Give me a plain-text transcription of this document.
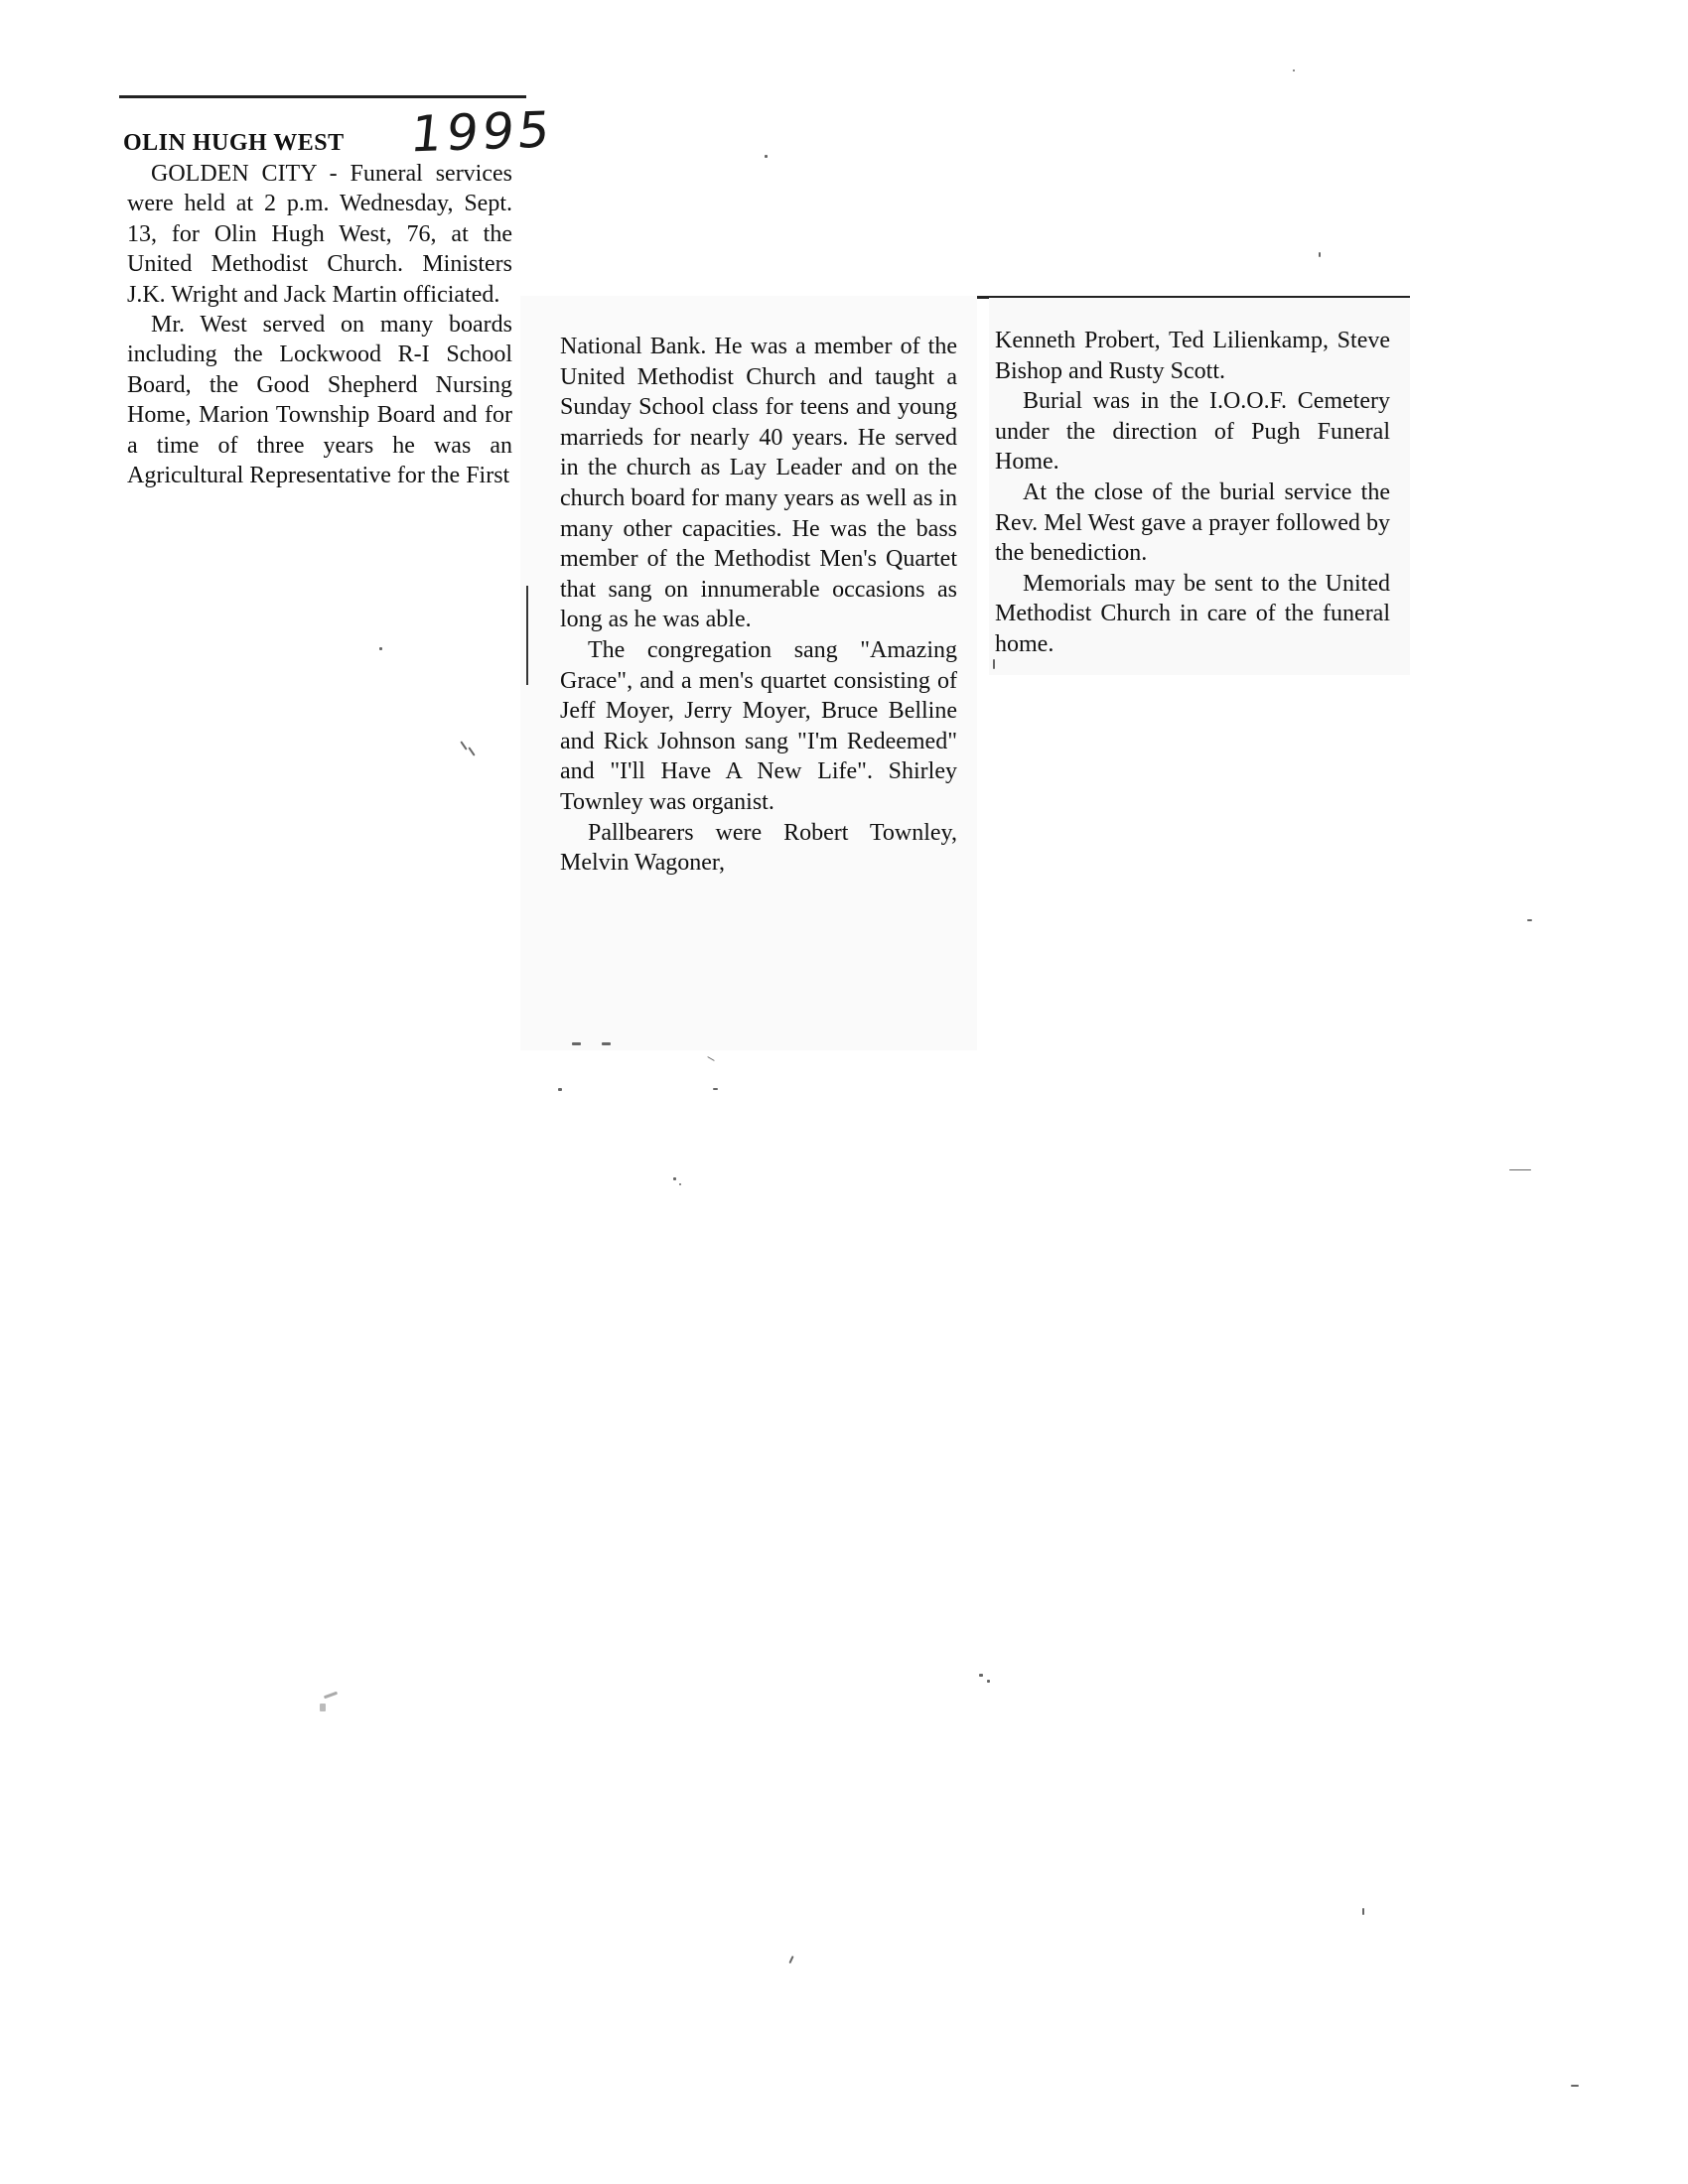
OLIN HUGH WEST 1995

GOLDEN CITY - Funeral services were held at 2 p.m. Wednesday, Sept. 13, for Olin Hugh West, 76, at the United Methodist Church. Ministers J.K. Wright and Jack Martin officiated.

Mr. West served on many boards including the Lockwood R-I School Board, the Good Shepherd Nursing Home, Marion Township Board and for a time of three years he was an Agricultural Representative for the First

National Bank. He was a member of the United Methodist Church and taught a Sunday School class for teens and young marrieds for nearly 40 years. He served in the church as Lay Leader and on the church board for many years as well as in many other capacities. He was the bass member of the Methodist Men's Quartet that sang on innumerable occasions as long as he was able.

The congregation sang "Amazing Grace", and a men's quartet consisting of Jeff Moyer, Jerry Moyer, Bruce Belline and Rick Johnson sang "I'm Redeemed" and "I'll Have A New Life". Shirley Townley was organist.

Pallbearers were Robert Townley, Melvin Wagoner,

Kenneth Probert, Ted Lilienkamp, Steve Bishop and Rusty Scott.

Burial was in the I.O.O.F. Cemetery under the direction of Pugh Funeral Home.

At the close of the burial service the Rev. Mel West gave a prayer followed by the benediction.

Memorials may be sent to the United Methodist Church in care of the funeral home.
